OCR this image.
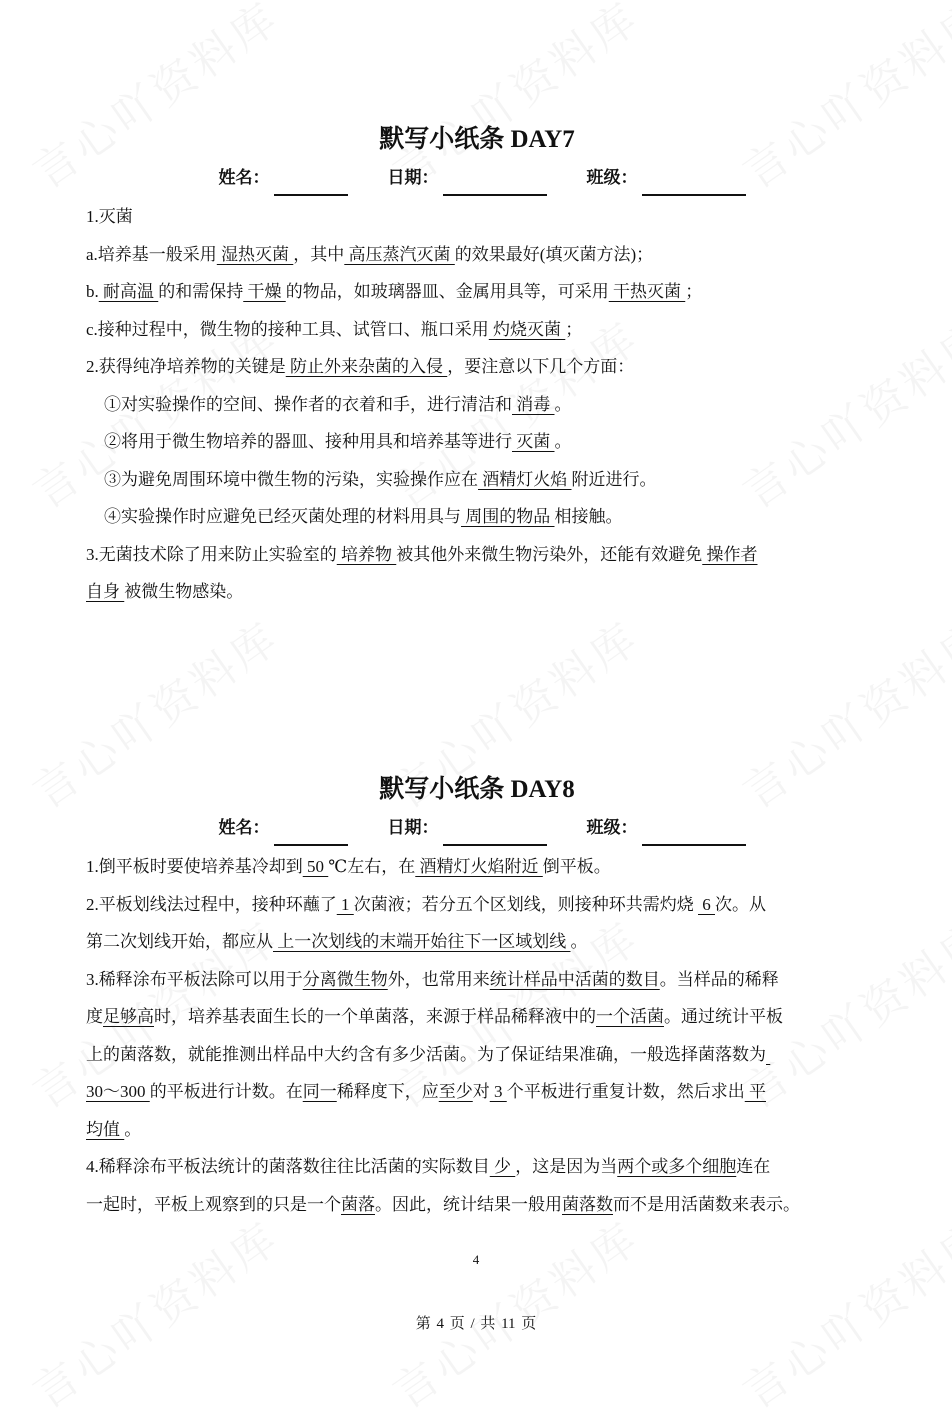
默写小纸条 DAY7
姓名：	日期：	班级：
1.灭菌
a.培养基一般采用 湿热灭菌 ，其中 高压蒸汽灭菌 的效果最好(填灭菌方法)；
b. 耐高温 的和需保持 干燥 的物品，如玻璃器皿、金属用具等，可采用 干热灭菌 ；
c.接种过程中，微生物的接种工具、试管口、瓶口采用 灼烧灭菌 ；
2.获得纯净培养物的关键是 防止外来杂菌的入侵 ，要注意以下几个方面：
①对实验操作的空间、操作者的衣着和手，进行清洁和 消毒 。
②将用于微生物培养的器皿、接种用具和培养基等进行 灭菌 。
③为避免周围环境中微生物的污染，实验操作应在 酒精灯火焰 附近进行。
④实验操作时应避免已经灭菌处理的材料用具与 周围的物品 相接触。
3.无菌技术除了用来防止实验室的 培养物 被其他外来微生物污染外，还能有效避免 操作者
自身 被微生物感染。
默写小纸条 DAY8
姓名：	日期：	班级：
1.倒平板时要使培养基冷却到 50 ℃左右，在 酒精灯火焰附近 倒平板。
2.平板划线法过程中，接种环蘸了 1 次菌液；若分五个区划线，则接种环共需灼烧  6 次。从
第二次划线开始，都应从 上一次划线的末端开始往下一区域划线 。
3.稀释涂布平板法除可以用于分离微生物外，也常用来统计样品中活菌的数目。当样品的稀释
度足够高时，培养基表面生长的一个单菌落，来源于样品稀释液中的一个活菌。通过统计平板
上的菌落数，就能推测出样品中大约含有多少活菌。为了保证结果准确，一般选择菌落数为
30～300 的平板进行计数。在同一稀释度下，应至少对 3 个平板进行重复计数，然后求出 平
均值 。
4.稀释涂布平板法统计的菌落数往往比活菌的实际数目 少 ，这是因为当两个或多个细胞连在
一起时，平板上观察到的只是一个菌落。因此，统计结果一般用菌落数而不是用活菌数来表示。
4
第 4 页 / 共 11 页
